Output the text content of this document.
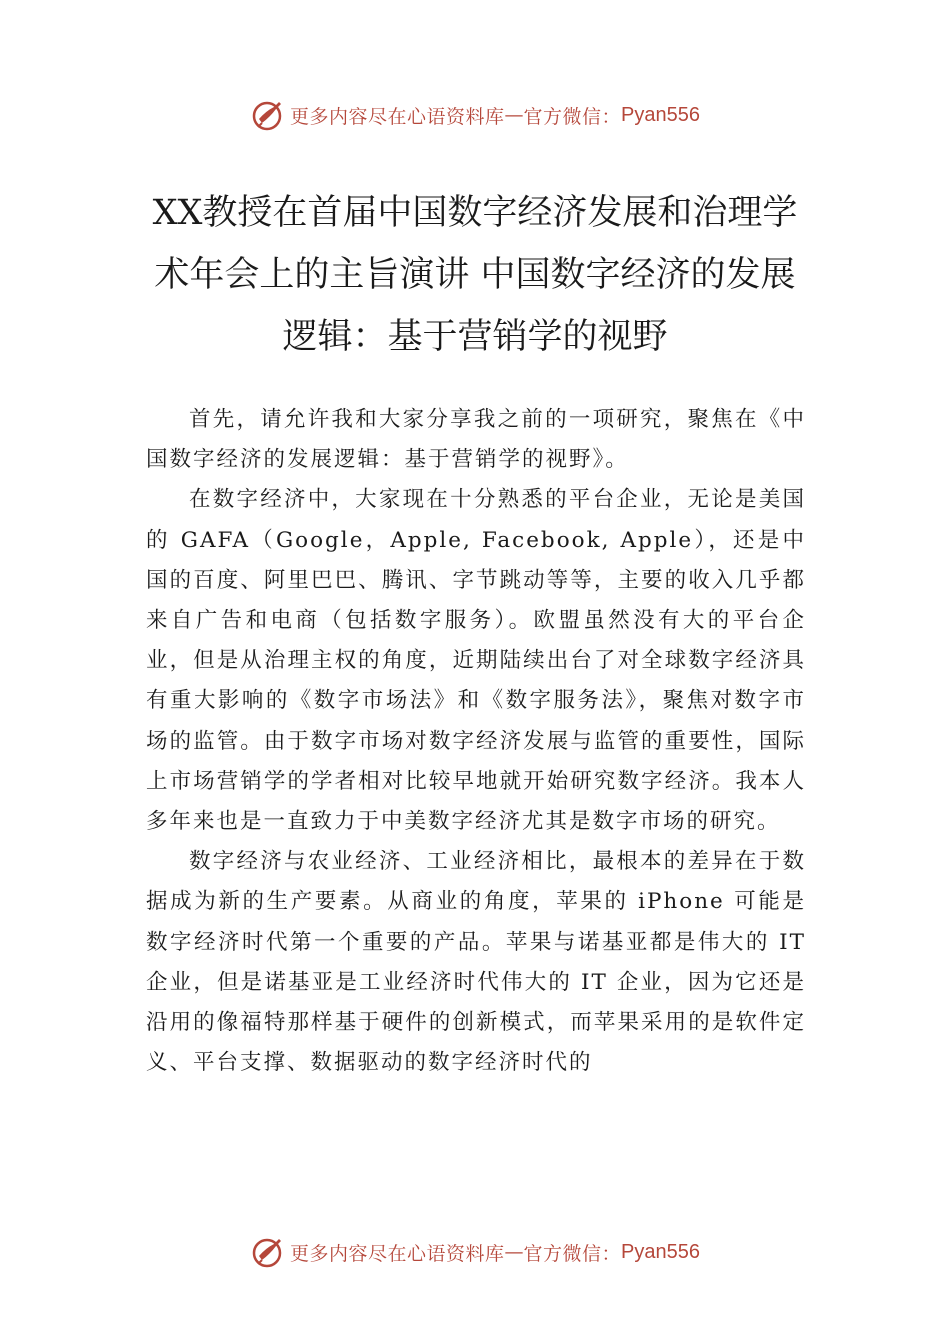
更多内容尽在心语资料库 — 官方微信： Pyan556
XX教授在首届中国数字经济发展和治理学术年会上的主旨演讲 中国数字经济的发展逻辑：基于营销学的视野

首先，请允许我和大家分享我之前的一项研究，聚焦在《中国数字经济的发展逻辑：基于营销学的视野》。

在数字经济中，大家现在十分熟悉的平台企业，无论是美国的 GAFA（Google，Apple, Facebook, Apple），还是中国的百度、阿里巴巴、腾讯、字节跳动等等，主要的收入几乎都来自广告和电商（包括数字服务）。欧盟虽然没有大的平台企业，但是从治理主权的角度，近期陆续出台了对全球数字经济具有重大影响的《数字市场法》和《数字服务法》，聚焦对数字市场的监管。由于数字市场对数字经济发展与监管的重要性，国际上市场营销学的学者相对比较早地就开始研究数字经济。我本人多年来也是一直致力于中美数字经济尤其是数字市场的研究。

数字经济与农业经济、工业经济相比，最根本的差异在于数据成为新的生产要素。从商业的角度，苹果的 iPhone 可能是数字经济时代第一个重要的产品。苹果与诺基亚都是伟大的 IT 企业，但是诺基亚是工业经济时代伟大的 IT 企业，因为它还是沿用的像福特那样基于硬件的创新模式，而苹果采用的是软件定义、平台支撑、数据驱动的数字经济时代的

更多内容尽在心语资料库 — 官方微信： Pyan556
